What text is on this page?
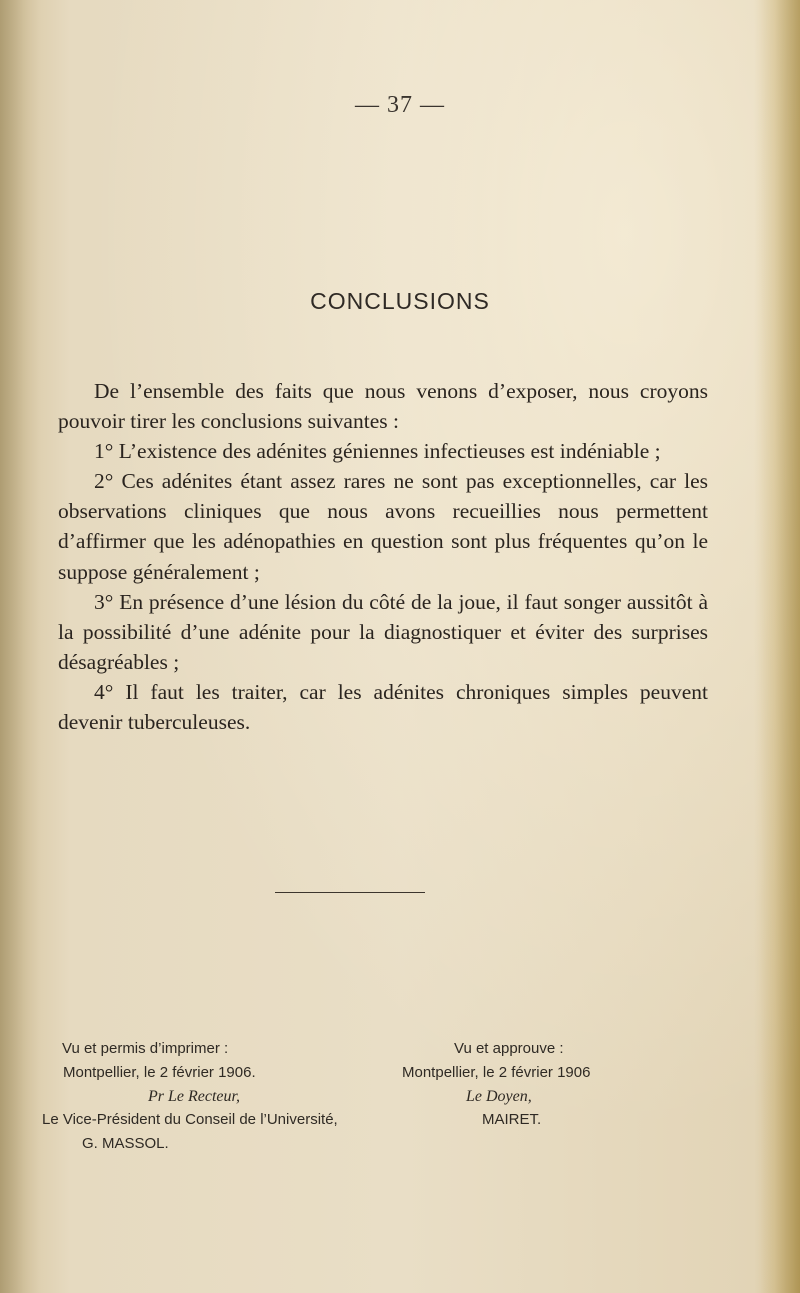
— 37 —
CONCLUSIONS

De l’ensemble des faits que nous venons d’exposer, nous croyons pouvoir tirer les conclusions suivantes :

1° L’existence des adénites géniennes infectieuses est indéniable ;

2° Ces adénites étant assez rares ne sont pas exceptionnelles, car les observations cliniques que nous avons recueillies nous permettent d’affirmer que les adénopathies en question sont plus fréquentes qu’on le suppose généralement ;

3° En présence d’une lésion du côté de la joue, il faut songer aussitôt à la possibilité d’une adénite pour la diagnostiquer et éviter des surprises désagréables ;

4° Il faut les traiter, car les adénites chroniques simples peuvent devenir tuberculeuses.

Vu et permis d’imprimer :
Montpellier, le 2 février 1906.
Pr Le Recteur,
Le Vice-Président du Conseil de l’Université,
G. MASSOL.
Vu et approuve :
Montpellier, le 2 février 1906
Le Doyen,
MAIRET.
